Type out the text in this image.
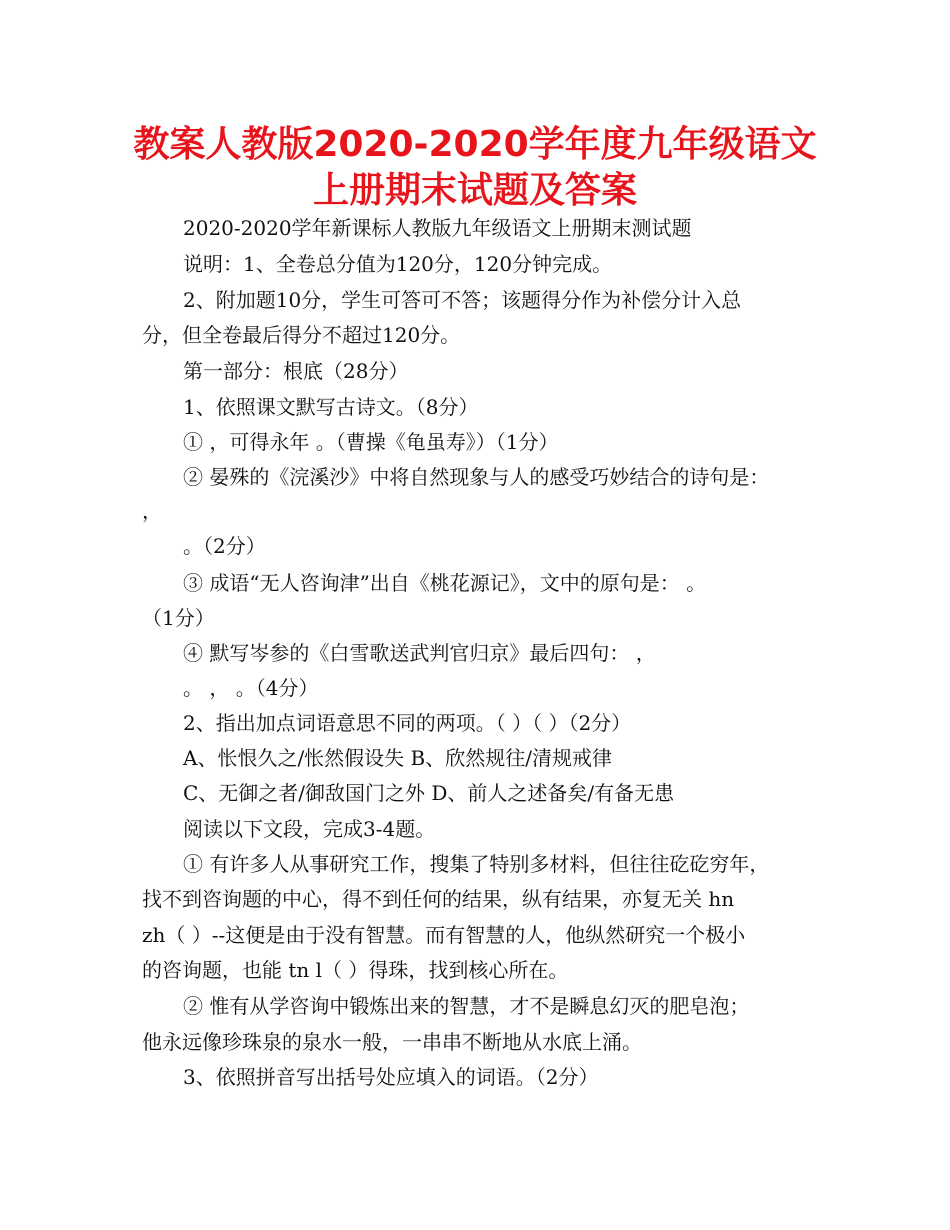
教案人教版2020-2020学年度九年级语文
上册期末试题及答案
2020-2020学年新课标人教版九年级语文上册期末测试题
说明：1、全卷总分值为120分，120分钟完成。
2、附加题10分，学生可答可不答；该题得分作为补偿分计入总
分，但全卷最后得分不超过120分。
第一部分：根底（28分）
1、依照课文默写古诗文。（8分）
① ，可得永年 。（曹操《龟虽寿》）（1分）
② 晏殊的《浣溪沙》中将自然现象与人的感受巧妙结合的诗句是：
，
。（2分）
③ 成语“无人咨询津”出自《桃花源记》，文中的原句是： 。
（1分）
④ 默写岑参的《白雪歌送武判官归京》最后四句： ，
。 ， 。（4分）
2、指出加点词语意思不同的两项。（ ）（ ）（2分）
A、怅恨久之/怅然假设失 B、欣然规往/清规戒律
C、无御之者/御敌国门之外 D、前人之述备矣/有备无患
阅读以下文段，完成3-4题。
① 有许多人从事研究工作，搜集了特别多材料，但往往矻矻穷年，
找不到咨询题的中心，得不到任何的结果，纵有结果，亦复无关 hn
zh（ ）--这便是由于没有智慧。而有智慧的人，他纵然研究一个极小
的咨询题，也能 tn l（ ）得珠，找到核心所在。
② 惟有从学咨询中锻炼出来的智慧，才不是瞬息幻灭的肥皂泡；
他永远像珍珠泉的泉水一般，一串串不断地从水底上涌。
3、依照拼音写出括号处应填入的词语。（2分）
